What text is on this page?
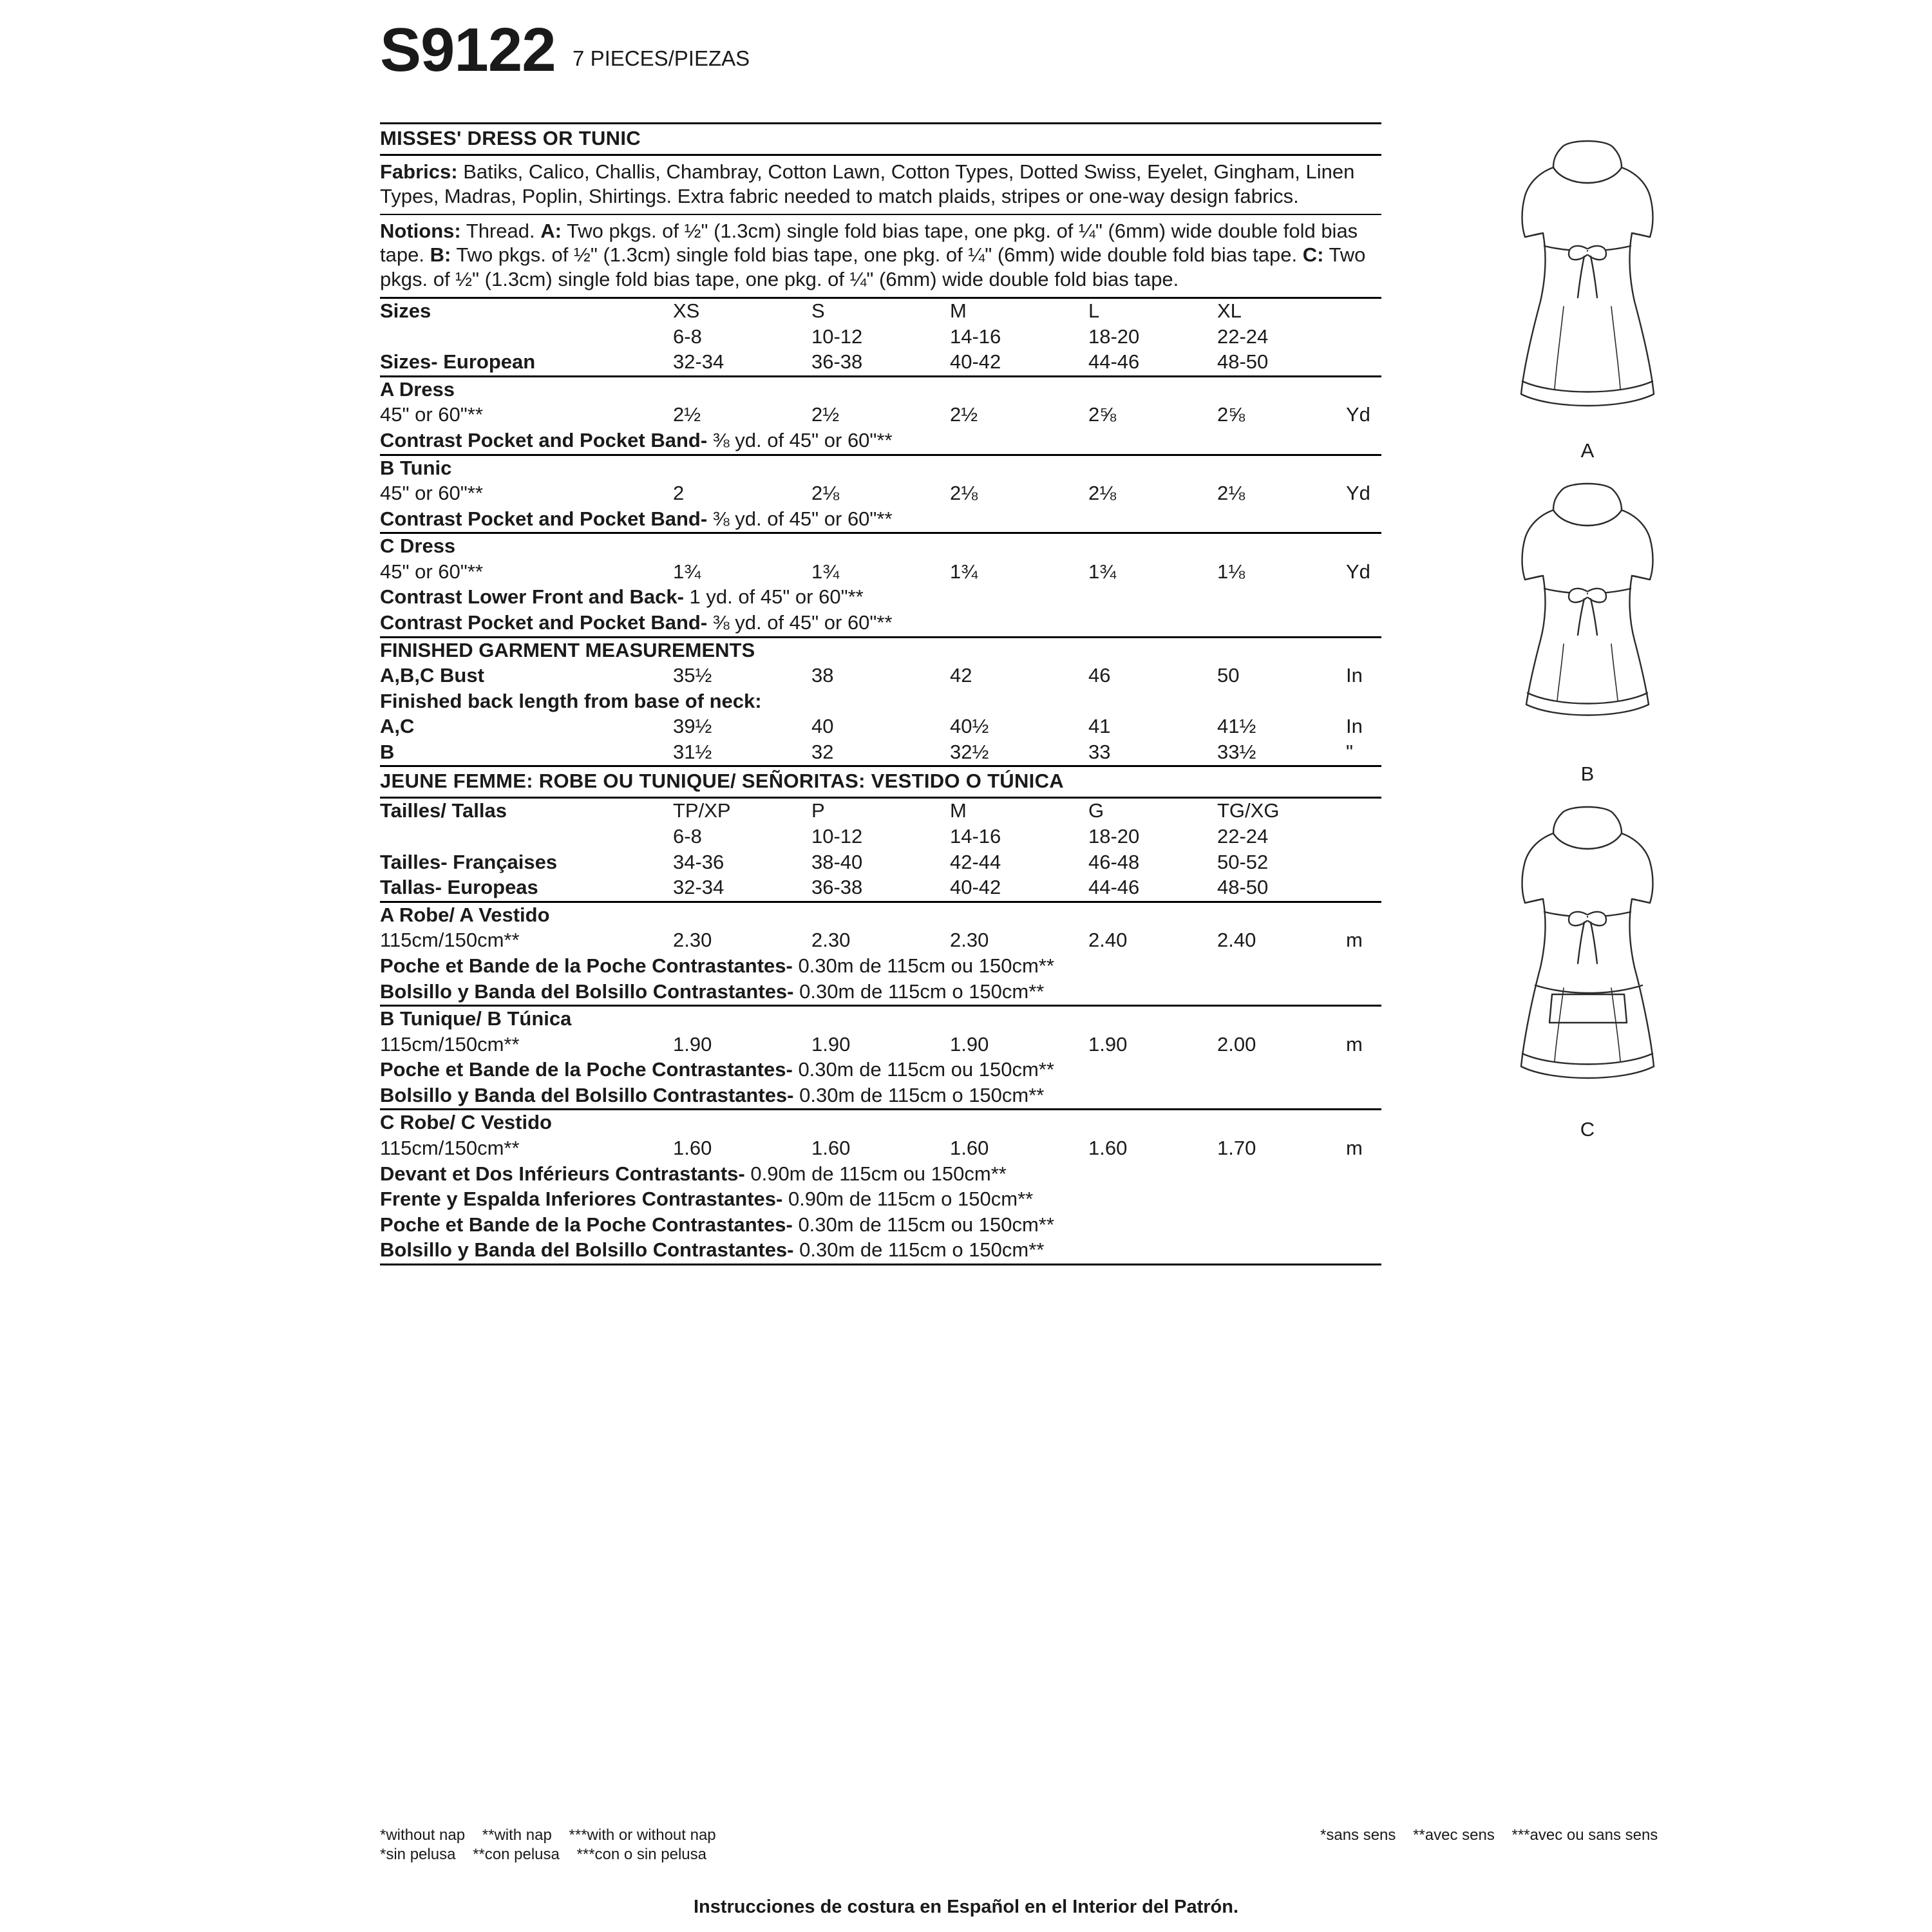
S9122 7 PIECES/PIEZAS
MISSES' DRESS OR TUNIC
Fabrics: Batiks, Calico, Challis, Chambray, Cotton Lawn, Cotton Types, Dotted Swiss, Eyelet, Gingham, Linen Types, Madras, Poplin, Shirtings. Extra fabric needed to match plaids, stripes or one-way design fabrics.
Notions: Thread. A: Two pkgs. of ½" (1.3cm) single fold bias tape, one pkg. of ¼" (6mm) wide double fold bias tape. B: Two pkgs. of ½" (1.3cm) single fold bias tape, one pkg. of ¼" (6mm) wide double fold bias tape. C: Two pkgs. of ½" (1.3cm) single fold bias tape, one pkg. of ¼" (6mm) wide double fold bias tape.
Sizes	XS	S	M	L	XL	
	6-8	10-12	14-16	18-20	22-24	
Sizes- European	32-34	36-38	40-42	44-46	48-50	
A Dress
45" or 60"**	2½	2½	2½	2⅝	2⅝	Yd
Contrast Pocket and Pocket Band- ⅜ yd. of 45" or 60"**
B Tunic
45" or 60"**	2	2⅛	2⅛	2⅛	2⅛	Yd
Contrast Pocket and Pocket Band- ⅜ yd. of 45" or 60"**
C Dress
45" or 60"**	1¾	1¾	1¾	1¾	1⅛	Yd
Contrast Lower Front and Back- 1 yd. of 45" or 60"**
Contrast Pocket and Pocket Band- ⅜ yd. of 45" or 60"**
FINISHED GARMENT MEASUREMENTS						
A,B,C Bust	35½	38	42	46	50	In
Finished back length from base of neck:						
A,C	39½	40	40½	41	41½	In
B	31½	32	32½	33	33½	"
JEUNE FEMME: ROBE OU TUNIQUE/ SEÑORITAS: VESTIDO O TÚNICA
Tailles/ Tallas	TP/XP	P	M	G	TG/XG	
	6-8	10-12	14-16	18-20	22-24	
Tailles- Françaises	34-36	38-40	42-44	46-48	50-52	
Tallas- Europeas	32-34	36-38	40-42	44-46	48-50	
A Robe/ A Vestido
115cm/150cm**	2.30	2.30	2.30	2.40	2.40	m
Poche et Bande de la Poche Contrastantes- 0.30m de 115cm ou 150cm**
Bolsillo y Banda del Bolsillo Contrastantes- 0.30m de 115cm o 150cm**
B Tunique/ B Túnica
115cm/150cm**	1.90	1.90	1.90	1.90	2.00	m
Poche et Bande de la Poche Contrastantes- 0.30m de 115cm ou 150cm**
Bolsillo y Banda del Bolsillo Contrastantes- 0.30m de 115cm o 150cm**
C Robe/ C Vestido
115cm/150cm**	1.60	1.60	1.60	1.60	1.70	m
Devant et Dos Inférieurs Contrastants- 0.90m de 115cm ou 150cm**
Frente y Espalda Inferiores Contrastantes- 0.90m de 115cm o 150cm**
Poche et Bande de la Poche Contrastantes- 0.30m de 115cm ou 150cm**
Bolsillo y Banda del Bolsillo Contrastantes- 0.30m de 115cm o 150cm**
*without nap **with nap ***with or without nap
*sin pelusa **con pelusa ***con o sin pelusa
*sans sens **avec sens ***avec ou sans sens
Instrucciones de costura en Español en el Interior del Patrón.
A
B
C
